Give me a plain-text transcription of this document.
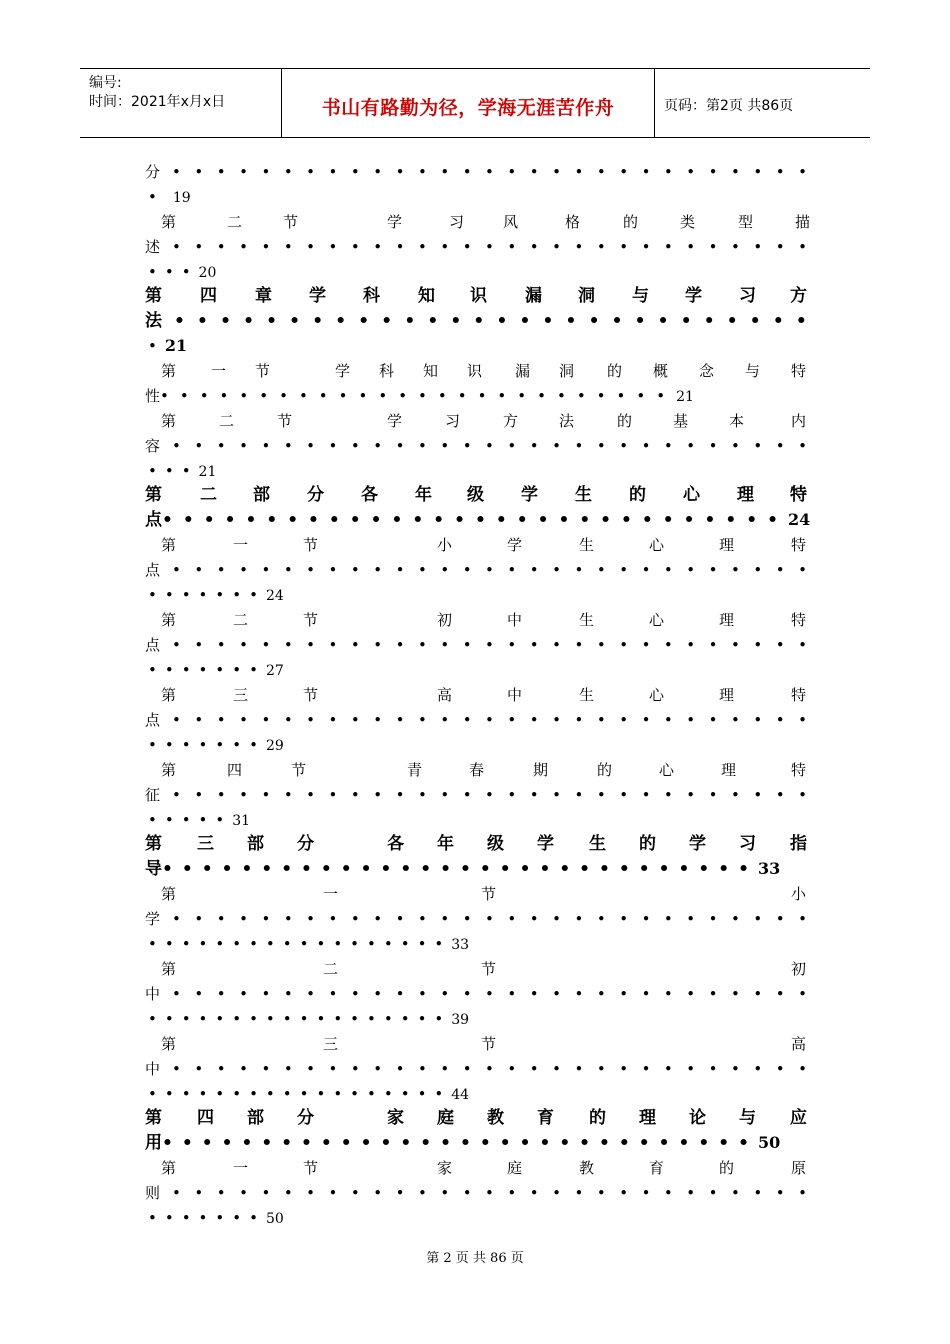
编号:
时间：2021年x月x日	书山有路勤为径，学海无涯苦作舟	页码：第2页 共86页
分 • • • • • • • • • • • • • • • • • • • • • • • • • • • • •
•19
第	二	节	学	习	风	格	的	类	型	描
述 • • • • • • • • • • • • • • • • • • • • • • • • • • • • •
•••20
第 四 章 学 科 知 识 漏 洞 与 学 习 方
法 • • • • • • • • • • • • • • • • • • • • • • • • • • • •
•21
第 一 节	学 科 知 识 漏 洞 的 概 念 与 特
性••••••••••••••••••••••••••21
第	二	节	学	习	方	法	的	基	本	内
容 • • • • • • • • • • • • • • • • • • • • • • • • • • • • •
•••21
第 二 部 分 各 年 级 学 生 的 心 理 特
点••••••••••••••••••••••••••••••24
第	一	节	小	学	生	心	理	特
点 • • • • • • • • • • • • • • • • • • • • • • • • • • • • •
•••••••24
第	二	节	初	中	生	心	理	特
点 • • • • • • • • • • • • • • • • • • • • • • • • • • • • •
•••••••27
第	三	节	高	中	生	心	理	特
点 • • • • • • • • • • • • • • • • • • • • • • • • • • • • •
•••••••29
第	四	节	青	春	期	的	心	理	特
征 • • • • • • • • • • • • • • • • • • • • • • • • • • • • •
•••••31
第 三 部 分	各 年 级 学 生 的 学 习 指
导••••••••••••••••••••••••••••••33
第	一	节	小
学 • • • • • • • • • • • • • • • • • • • • • • • • • • • • •
••••••••••••••••••33
第	二	节	初
中 • • • • • • • • • • • • • • • • • • • • • • • • • • • • •
••••••••••••••••••39
第	三	节	高
中 • • • • • • • • • • • • • • • • • • • • • • • • • • • • •
••••••••••••••••••44
第 四 部 分	家 庭 教 育 的 理 论 与 应
用••••••••••••••••••••••••••••••50
第	一	节	家	庭	教	育	的	原
则 • • • • • • • • • • • • • • • • • • • • • • • • • • • • •
•••••••50
第 2 页 共 86 页
